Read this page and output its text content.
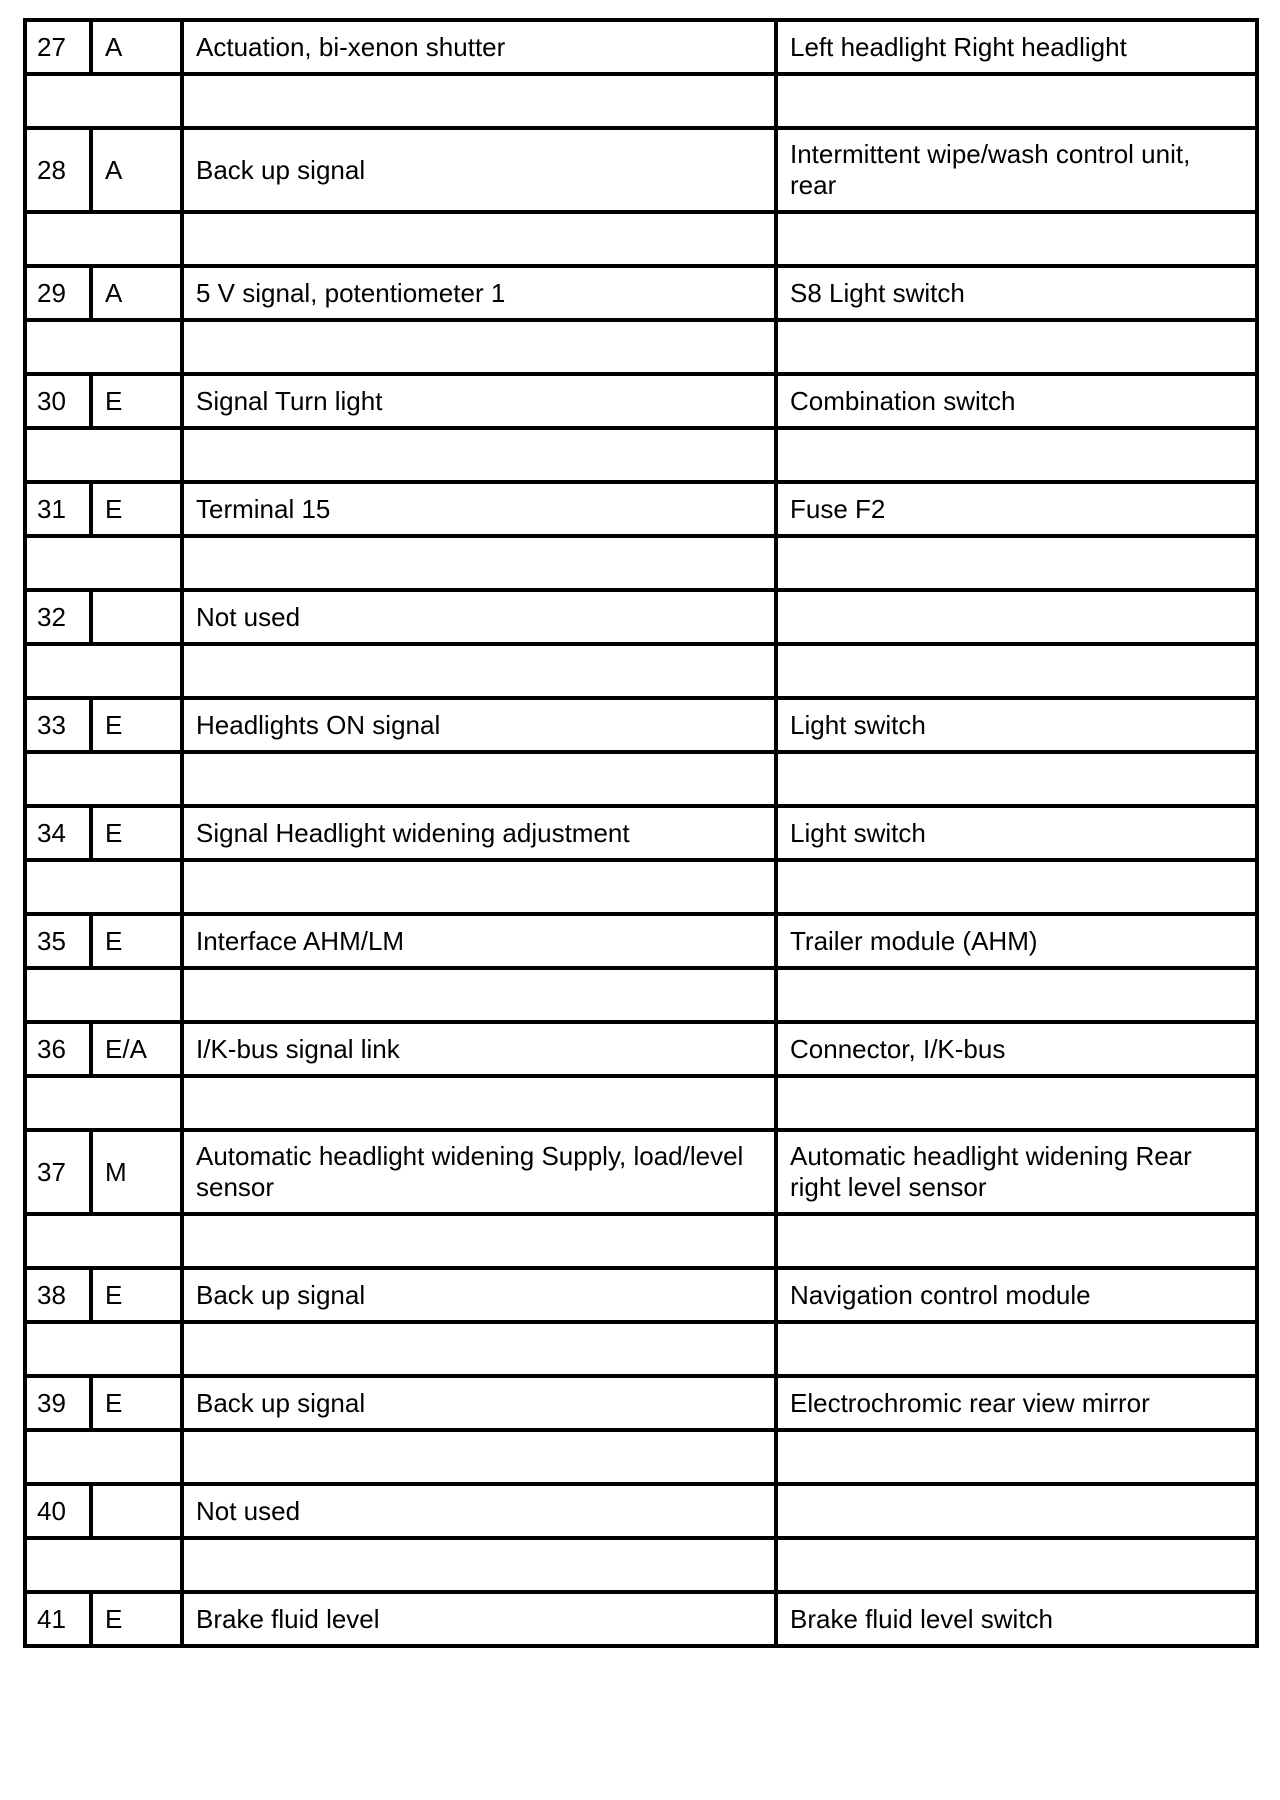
27	A	Actuation, bi-xenon shutter	Left headlight Right headlight

28	A	Back up signal	Intermittent wipe/wash control unit, rear

29	A	5 V signal, potentiometer 1	S8 Light switch

30	E	Signal Turn light	Combination switch

31	E	Terminal 15	Fuse F2

32		Not used	

33	E	Headlights ON signal	Light switch

34	E	Signal Headlight widening adjustment	Light switch

35	E	Interface AHM/LM	Trailer module (AHM)

36	E/A	I/K-bus signal link	Connector, I/K-bus

37	M	Automatic headlight widening Supply, load/level sensor	Automatic headlight widening Rear right level sensor

38	E	Back up signal	Navigation control module

39	E	Back up signal	Electrochromic rear view mirror

40		Not used	

41	E	Brake fluid level	Brake fluid level switch
